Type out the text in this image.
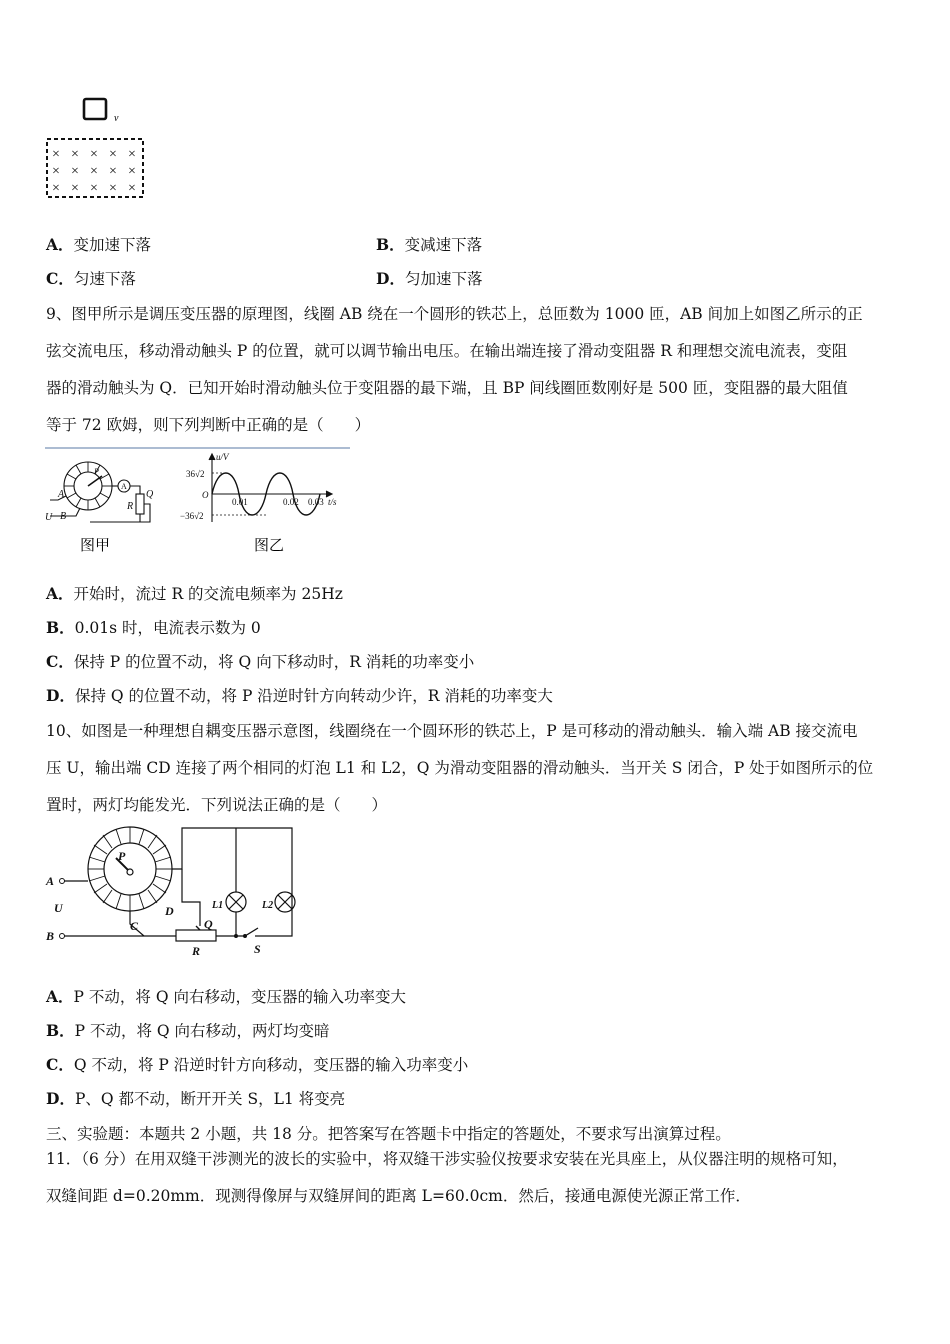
v
× × × × ×
× × × × ×
× × × × ×
A．变加速下落	B．变减速下落
C．匀速下落	D．匀加速下落
9、图甲所示是调压变压器的原理图，线圈 AB 绕在一个圆形的铁芯上，总匝数为 1000 匝，AB 间加上如图乙所示的正
弦交流电压，移动滑动触头 P 的位置，就可以调节输出电压。在输出端连接了滑动变阻器 R 和理想交流电流表，变阻
器的滑动触头为 Q．已知开始时滑动触头位于变阻器的最下端，且 BP 间线圈匝数刚好是 500 匝，变阻器的最大阻值
等于 72 欧姆，则下列判断中正确的是（　　）
A
U B
A
R
Q
P
图甲
u/V
36√2
O
−36√2
0.01	0.02 0.03 t/s
图乙
A．开始时，流过 R 的交流电频率为 25Hz
B．0.01s 时，电流表示数为 0
C．保持 P 的位置不动，将 Q 向下移动时，R 消耗的功率变小
D．保持 Q 的位置不动，将 P 沿逆时针方向转动少许，R 消耗的功率变大
10、如图是一种理想自耦变压器示意图，线圈绕在一个圆环形的铁芯上，P 是可移动的滑动触头．输入端 AB 接交流电
压 U，输出端 CD 连接了两个相同的灯泡 L1 和 L2，Q 为滑动变阻器的滑动触头．当开关 S 闭合，P 处于如图所示的位
置时，两灯均能发光．下列说法正确的是（　　）
A
U
B
P
C
D
Q
R	S
L1	L2
A．P 不动，将 Q 向右移动，变压器的输入功率变大
B．P 不动，将 Q 向右移动，两灯均变暗
C．Q 不动，将 P 沿逆时针方向移动，变压器的输入功率变小
D．P、Q 都不动，断开开关 S，L1 将变亮
三、实验题：本题共 2 小题，共 18 分。把答案写在答题卡中指定的答题处，不要求写出演算过程。
11．（6 分）在用双缝干涉测光的波长的实验中，将双缝干涉实验仪按要求安装在光具座上，从仪器注明的规格可知，
双缝间距 d=0.20mm．现测得像屏与双缝屏间的距离 L=60.0cm．然后，接通电源使光源正常工作．
